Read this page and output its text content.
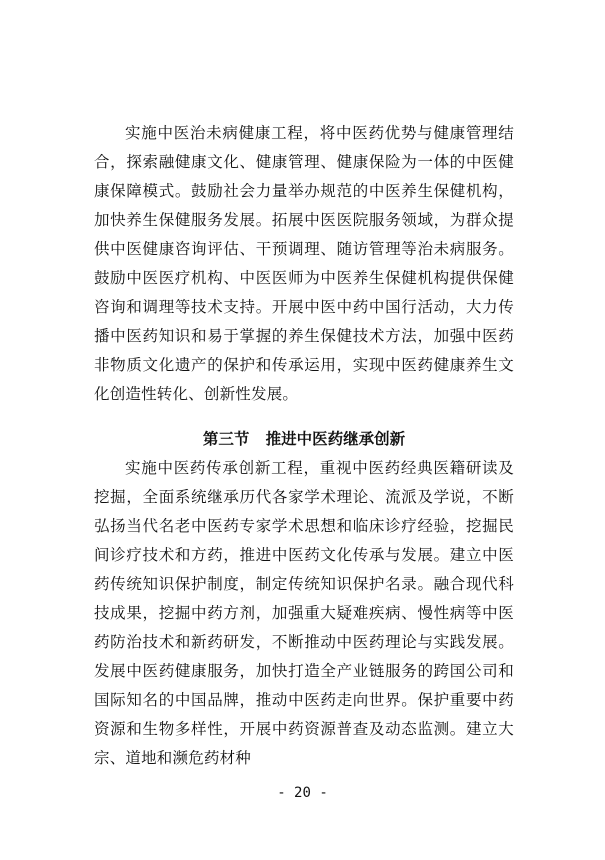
实施中医治未病健康工程，将中医药优势与健康管理结合，探索融健康文化、健康管理、健康保险为一体的中医健康保障模式。鼓励社会力量举办规范的中医养生保健机构，加快养生保健服务发展。拓展中医医院服务领域，为群众提供中医健康咨询评估、干预调理、随访管理等治未病服务。鼓励中医医疗机构、中医医师为中医养生保健机构提供保健咨询和调理等技术支持。开展中医中药中国行活动，大力传播中医药知识和易于掌握的养生保健技术方法，加强中医药非物质文化遗产的保护和传承运用，实现中医药健康养生文化创造性转化、创新性发展。

第三节   推进中医药继承创新

实施中医药传承创新工程，重视中医药经典医籍研读及挖掘，全面系统继承历代各家学术理论、流派及学说，不断弘扬当代名老中医药专家学术思想和临床诊疗经验，挖掘民间诊疗技术和方药，推进中医药文化传承与发展。建立中医药传统知识保护制度，制定传统知识保护名录。融合现代科技成果，挖掘中药方剂，加强重大疑难疾病、慢性病等中医药防治技术和新药研发，不断推动中医药理论与实践发展。发展中医药健康服务，加快打造全产业链服务的跨国公司和国际知名的中国品牌，推动中医药走向世界。保护重要中药资源和生物多样性，开展中药资源普查及动态监测。建立大宗、道地和濒危药材种

- 20 -
